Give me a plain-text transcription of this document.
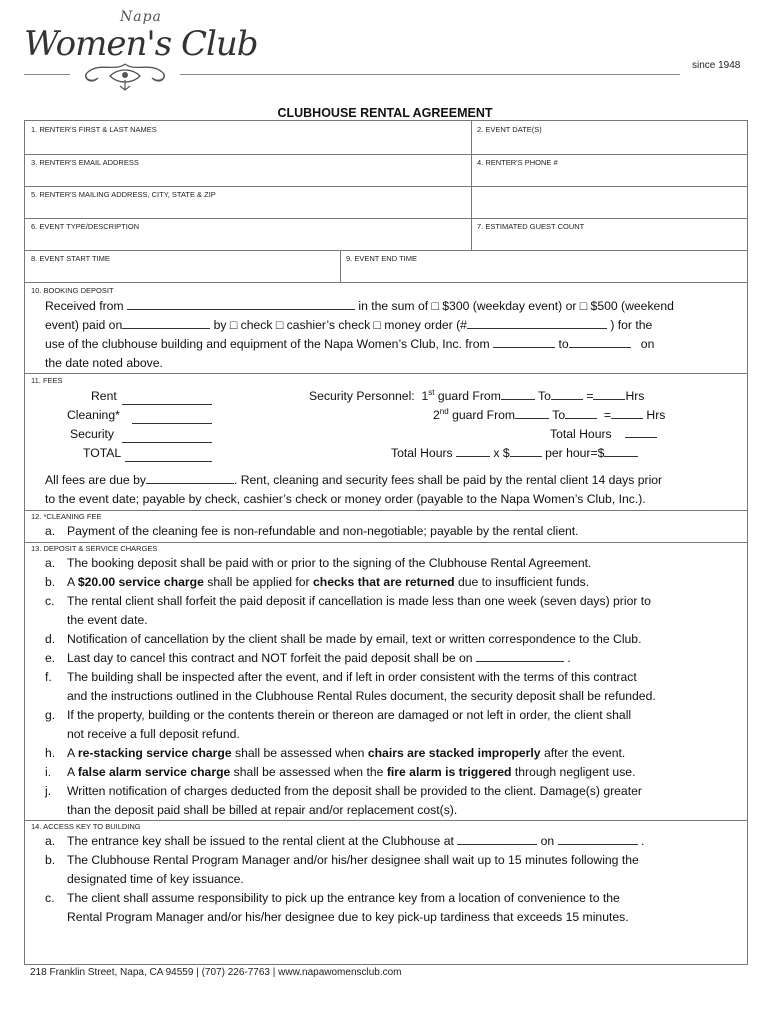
Napa
Women's Club
since 1948
CLUBHOUSE RENTAL AGREEMENT
1. RENTER'S FIRST & LAST NAMES	2. EVENT DATE(S)
3. RENTER'S EMAIL ADDRESS	4. RENTER'S PHONE #
5. RENTER'S MAILING ADDRESS, CITY, STATE & ZIP
6. EVENT TYPE/DESCRIPTION	7. ESTIMATED GUEST COUNT
8. EVENT START TIME	9. EVENT END TIME
10. BOOKING DEPOSIT
Received from	in the sum of □ $300 (weekday event) or □ $500 (weekend
event) paid on	by □ check □ cashier’s check □ money order (#	) for the
use of the clubhouse building and equipment of the Napa Women’s Club, Inc. from	to	on
the date noted above.
11. FEES
Rent
Cleaning*
Security
TOTAL
Security Personnel: 1st guard From	To	=	Hrs
2nd guard From	To	=	Hrs
Total Hours
Total Hours	x $	per hour=$
All fees are due by	. Rent, cleaning and security fees shall be paid by the rental client 14 days prior
to the event date; payable by check, cashier’s check or money order (payable to the Napa Women’s Club, Inc.).
12. *CLEANING FEE
a. Payment of the cleaning fee is non-refundable and non-negotiable; payable by the rental client.
13. DEPOSIT & SERVICE CHARGES
a. The booking deposit shall be paid with or prior to the signing of the Clubhouse Rental Agreement.
b. A $20.00 service charge shall be applied for checks that are returned due to insufficient funds.
c. The rental client shall forfeit the paid deposit if cancellation is made less than one week (seven days) prior to
the event date.
d. Notification of cancellation by the client shall be made by email, text or written correspondence to the Club.
e. Last day to cancel this contract and NOT forfeit the paid deposit shall be on	.
f. The building shall be inspected after the event, and if left in order consistent with the terms of this contract
and the instructions outlined in the Clubhouse Rental Rules document, the security deposit shall be refunded.
g. If the property, building or the contents therein or thereon are damaged or not left in order, the client shall
not receive a full deposit refund.
h. A re-stacking service charge shall be assessed when chairs are stacked improperly after the event.
i. A false alarm service charge shall be assessed when the fire alarm is triggered through negligent use.
j. Written notification of charges deducted from the deposit shall be provided to the client. Damage(s) greater
than the deposit paid shall be billed at repair and/or replacement cost(s).
14. ACCESS KEY TO BUILDING
a. The entrance key shall be issued to the rental client at the Clubhouse at	on	.
b. The Clubhouse Rental Program Manager and/or his/her designee shall wait up to 15 minutes following the
designated time of key issuance.
c. The client shall assume responsibility to pick up the entrance key from a location of convenience to the
Rental Program Manager and/or his/her designee due to key pick-up tardiness that exceeds 15 minutes.
218 Franklin Street, Napa, CA 94559 | (707) 226-7763 | www.napawomensclub.com
